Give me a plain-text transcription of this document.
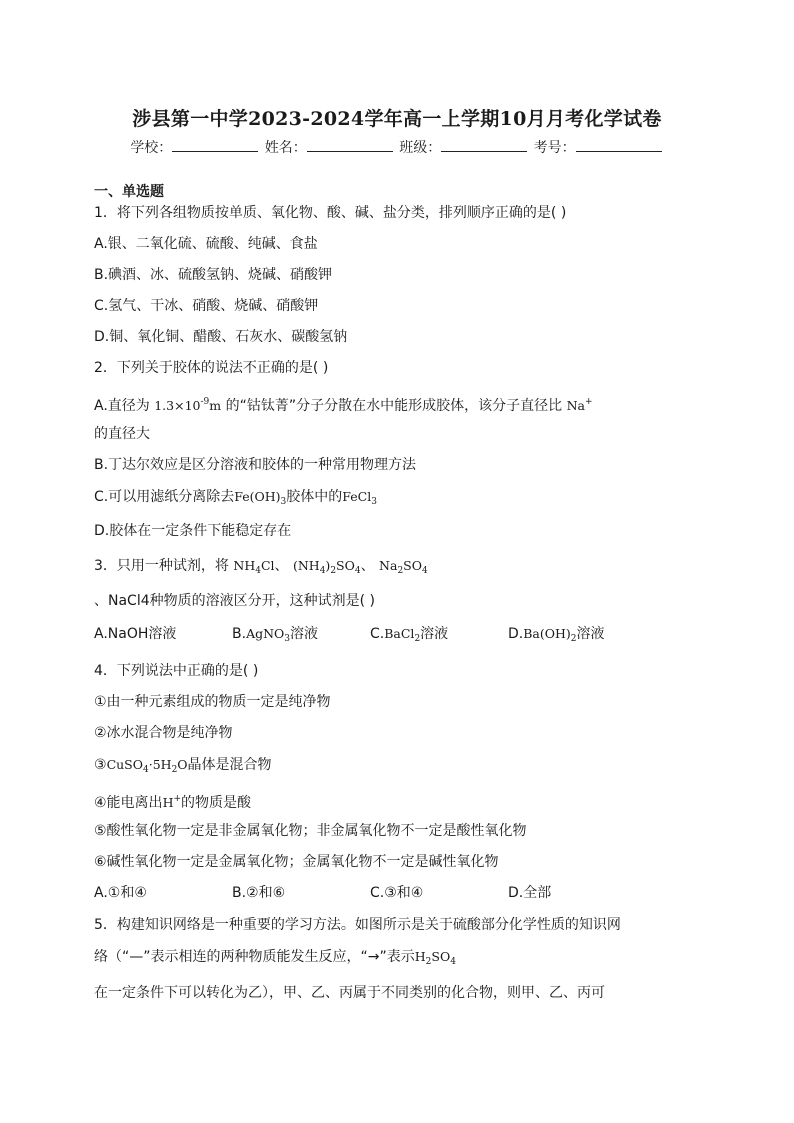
涉县第一中学2023-2024学年高一上学期10月月考化学试卷
学校：	姓名：	班级：	考号：
一、单选题
1．将下列各组物质按单质、氧化物、酸、碱、盐分类，排列顺序正确的是( )
A.银、二氧化硫、硫酸、纯碱、食盐
B.碘酒、冰、硫酸氢钠、烧碱、硝酸钾
C.氢气、干冰、硝酸、烧碱、硝酸钾
D.铜、氧化铜、醋酸、石灰水、碳酸氢钠
2．下列关于胶体的说法不正确的是( )
A.直径为 $1.3\times 10^{-9}m$ 的“钴钛菁”分子分散在水中能形成胶体，该分子直径比 Na+
的直径大
B.丁达尔效应是区分溶液和胶体的一种常用物理方法
C.可以用滤纸分离除去$Fe(OH)_3$胶体中的FeCl$_3$
D.胶体在一定条件下能稳定存在
3．只用一种试剂，将 $NH_4Cl$、 $(NH_4)_2SO_4$、 $Na_2SO_4$
、NaCl4种物质的溶液区分开，这种试剂是( )
A.NaOH溶液	B.AgNO$_3$溶液	C.BaCl$_2$溶液	$D.Ba(OH)_2$溶液
4．下列说法中正确的是( )
①由一种元素组成的物质一定是纯净物
②冰水混合物是纯净物
$③CuSO_4\cdot 5H_2O$晶体是混合物
④能电离出H+的物质是酸
⑤酸性氧化物一定是非金属氧化物；非金属氧化物不一定是酸性氧化物
⑥碱性氧化物一定是金属氧化物；金属氧化物不一定是碱性氧化物
A.①和④	B.②和⑥	C.③和④	D.全部
5．构建知识网络是一种重要的学习方法。如图所示是关于硫酸部分化学性质的知识网
络（“—”表示相连的两种物质能发生反应，“→”表示$H_2SO_4$
在一定条件下可以转化为乙），甲、乙、丙属于不同类别的化合物，则甲、乙、丙可
